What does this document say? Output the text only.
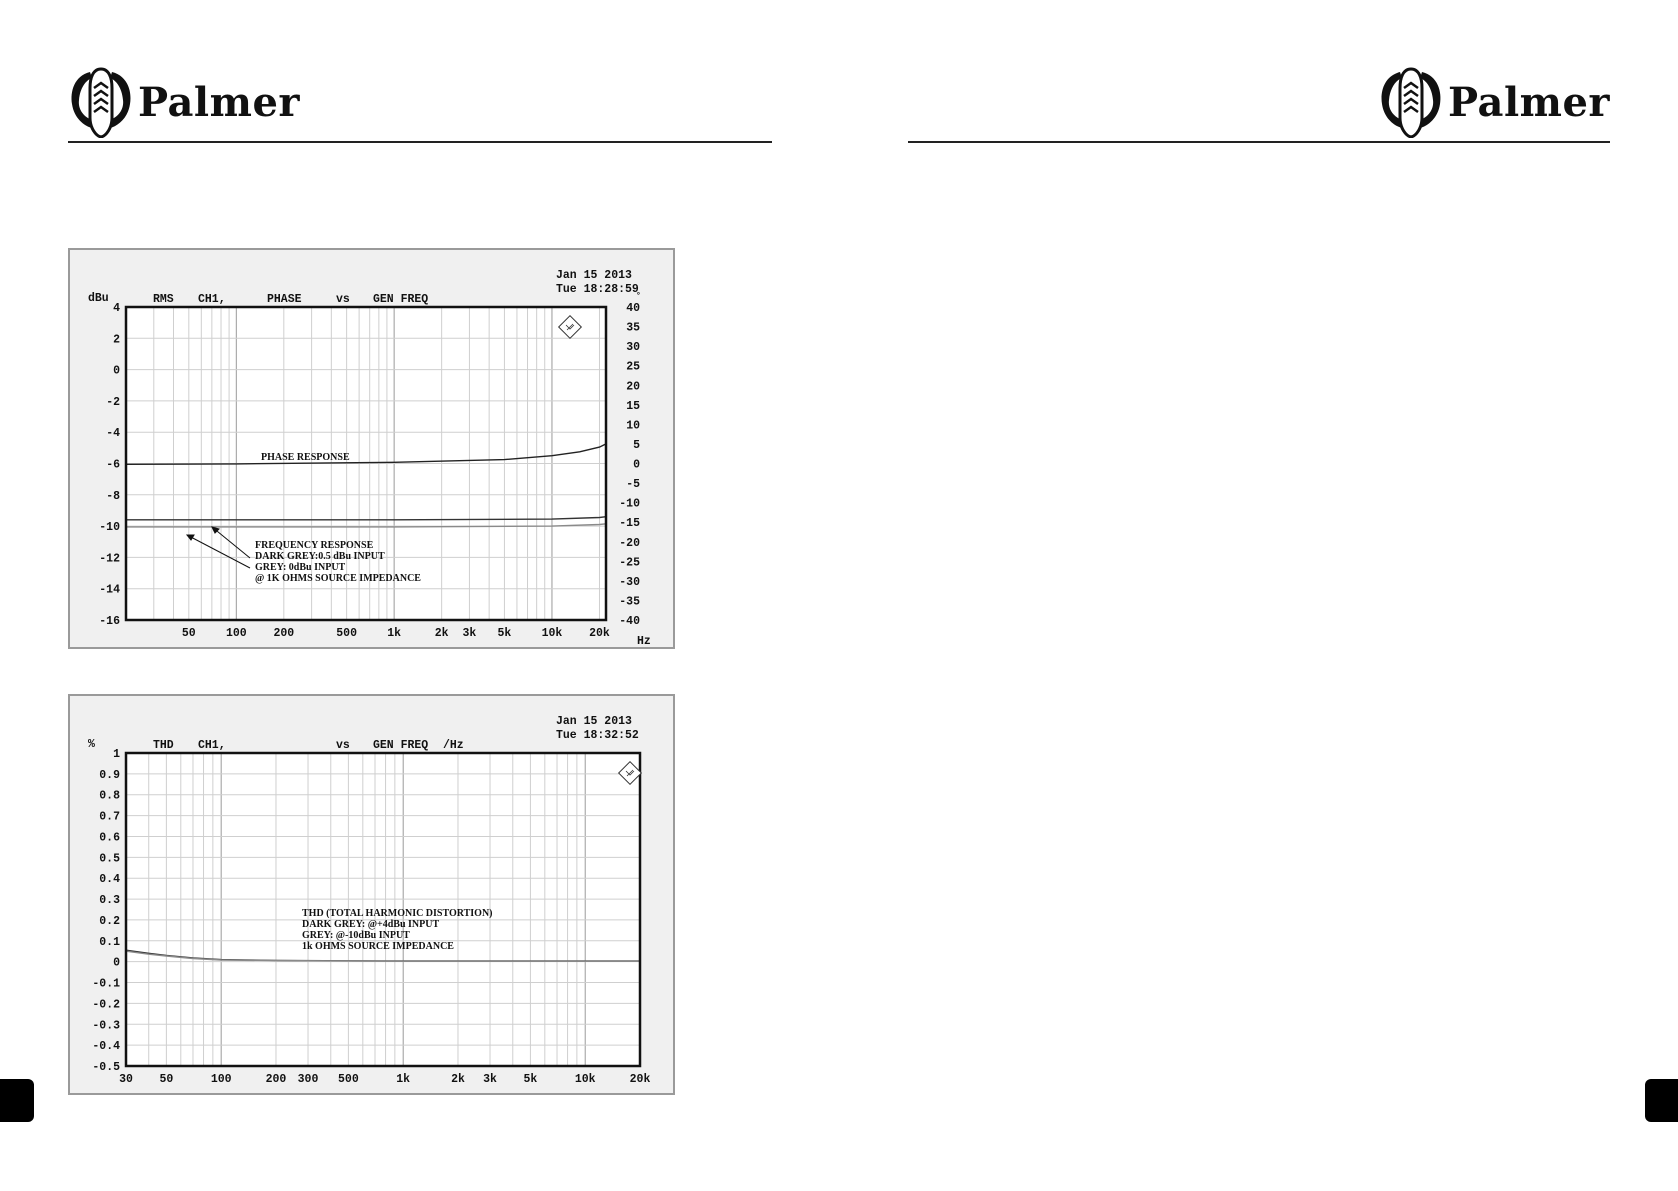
Palmer	Palmer
Jan 15 2013
Tue 18:28:59
dBu	RMS CH1,	PHASE	vs GEN FREQ	°
Hz
4
2
0
-2
-4
-6
-8
-10
-12
-14
-16
40
35
30
25
20
15
10
5
0
-5
-10
-15
-20
-25
-30
-35
-40
50	100 200	500	1k	2k 3k 5k	10k 20k
PHASE RESPONSE
FREQUENCY RESPONSE
DARK GREY:0.5 dBu INPUT
GREY: 0dBu INPUT
@ 1K OHMS SOURCE IMPEDANCE
Jan 15 2013
Tue 18:32:52
%	THD CH1,	vs GEN FREQ /Hz
1
0.9
0.8
0.7
0.6
0.5
0.4
0.3
0.2
0.1
0
-0.1
-0.2
-0.3
-0.4
-0.5
30 50	100	200 300 500	1k	2k 3k 5k	10k	20k
THD (TOTAL HARMONIC DISTORTION)
DARK GREY: @+4dBu INPUT
GREY: @-10dBu INPUT
1k OHMS SOURCE IMPEDANCE
